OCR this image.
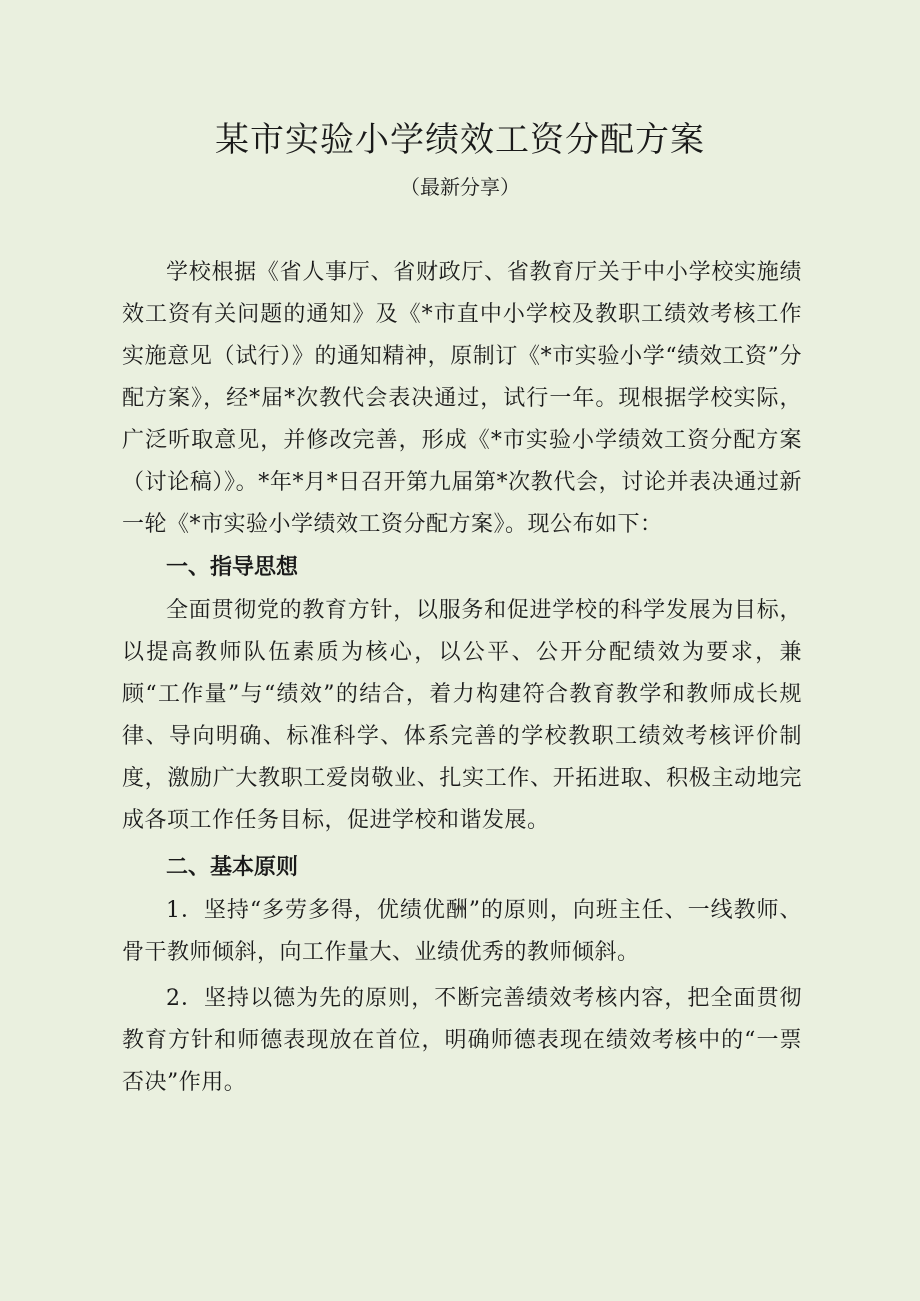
某市实验小学绩效工资分配方案

（最新分享）

学校根据《省人事厅、省财政厅、省教育厅关于中小学校实施绩效工资有关问题的通知》及《*市直中小学校及教职工绩效考核工作实施意见（试行）》的通知精神，原制订《*市实验小学“绩效工资”分配方案》，经*届*次教代会表决通过，试行一年。现根据学校实际，广泛听取意见，并修改完善，形成《*市实验小学绩效工资分配方案（讨论稿）》。*年*月*日召开第九届第*次教代会，讨论并表决通过新一轮《*市实验小学绩效工资分配方案》。现公布如下：

一、指导思想

全面贯彻党的教育方针，以服务和促进学校的科学发展为目标，以提高教师队伍素质为核心，以公平、公开分配绩效为要求，兼顾“工作量”与“绩效”的结合，着力构建符合教育教学和教师成长规律、导向明确、标准科学、体系完善的学校教职工绩效考核评价制度，激励广大教职工爱岗敬业、扎实工作、开拓进取、积极主动地完成各项工作任务目标，促进学校和谐发展。

二、基本原则

1．坚持“多劳多得，优绩优酬”的原则，向班主任、一线教师、骨干教师倾斜，向工作量大、业绩优秀的教师倾斜。

2．坚持以德为先的原则，不断完善绩效考核内容，把全面贯彻教育方针和师德表现放在首位，明确师德表现在绩效考核中的“一票否决”作用。
